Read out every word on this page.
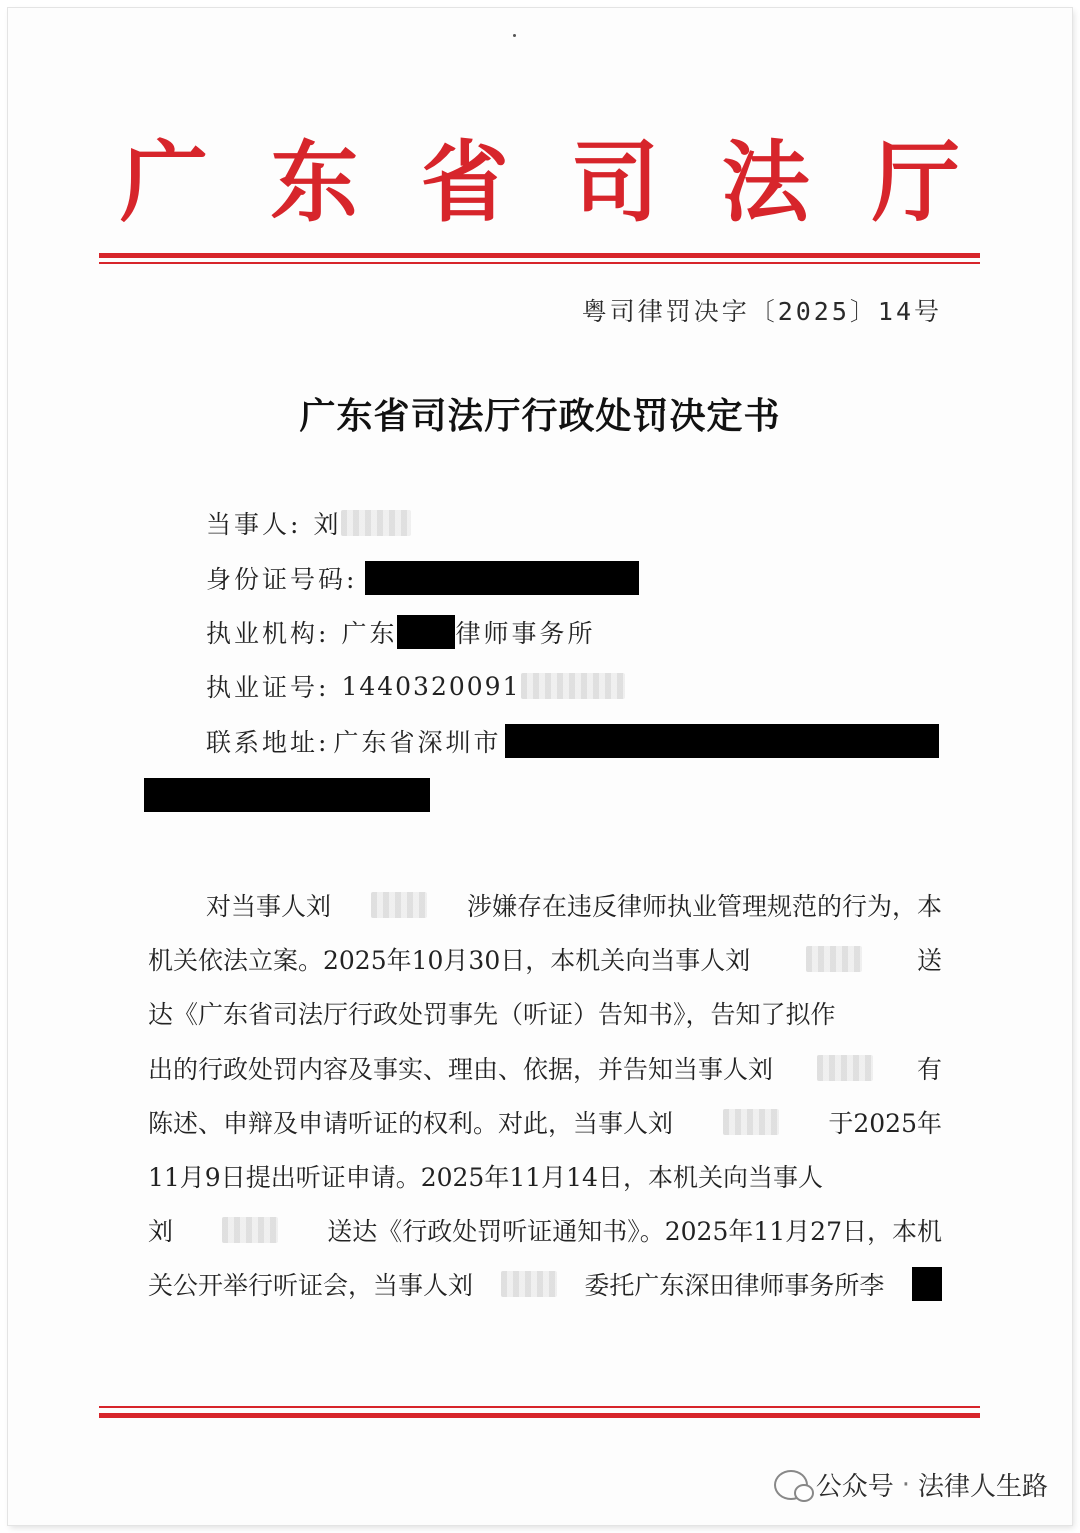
广 东 省 司 法 厅
粤司律罚决字〔2025〕14号
广东省司法厅行政处罚决定书
当事人: 刘
身份证号码:
执业机构: 广东 律师事务所
执业证号: 1440320091
联系地址: 广东省深圳市
对当事人刘	涉嫌存在违反律师执业管理规范的行为，本
机关依法立案。2025年10月30日，本机关向当事人刘	送
达《广东省司法厅行政处罚事先（听证）告知书》，告知了拟作
出的行政处罚内容及事实、理由、依据，并告知当事人刘	有
陈述、申辩及申请听证的权利。对此，当事人刘	于2025年
11月9日提出听证申请。2025年11月14日，本机关向当事人
刘	送达《行政处罚听证通知书》。2025年11月27日，本机
关公开举行听证会，当事人刘	委托广东深田律师事务所李
公众号 · 法律人生路
